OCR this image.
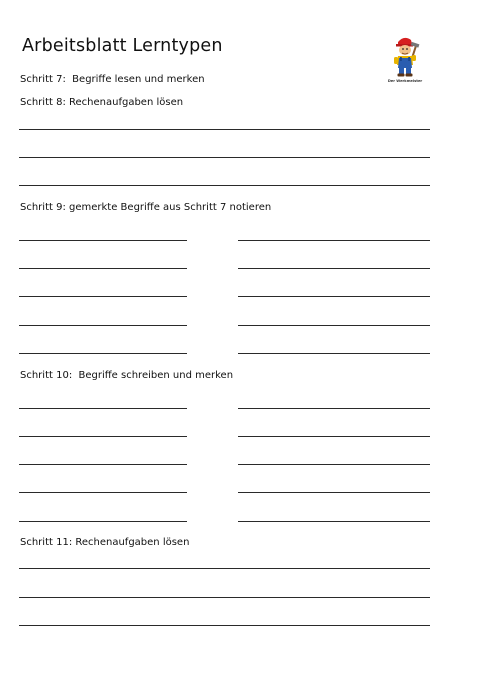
Arbeitsblatt Lerntypen
Der Werkmeister
Schritt 7:  Begriffe lesen und merken
Schritt 8: Rechenaufgaben lösen
Schritt 9: gemerkte Begriffe aus Schritt 7 notieren
Schritt 10:  Begriffe schreiben und merken
Schritt 11: Rechenaufgaben lösen
